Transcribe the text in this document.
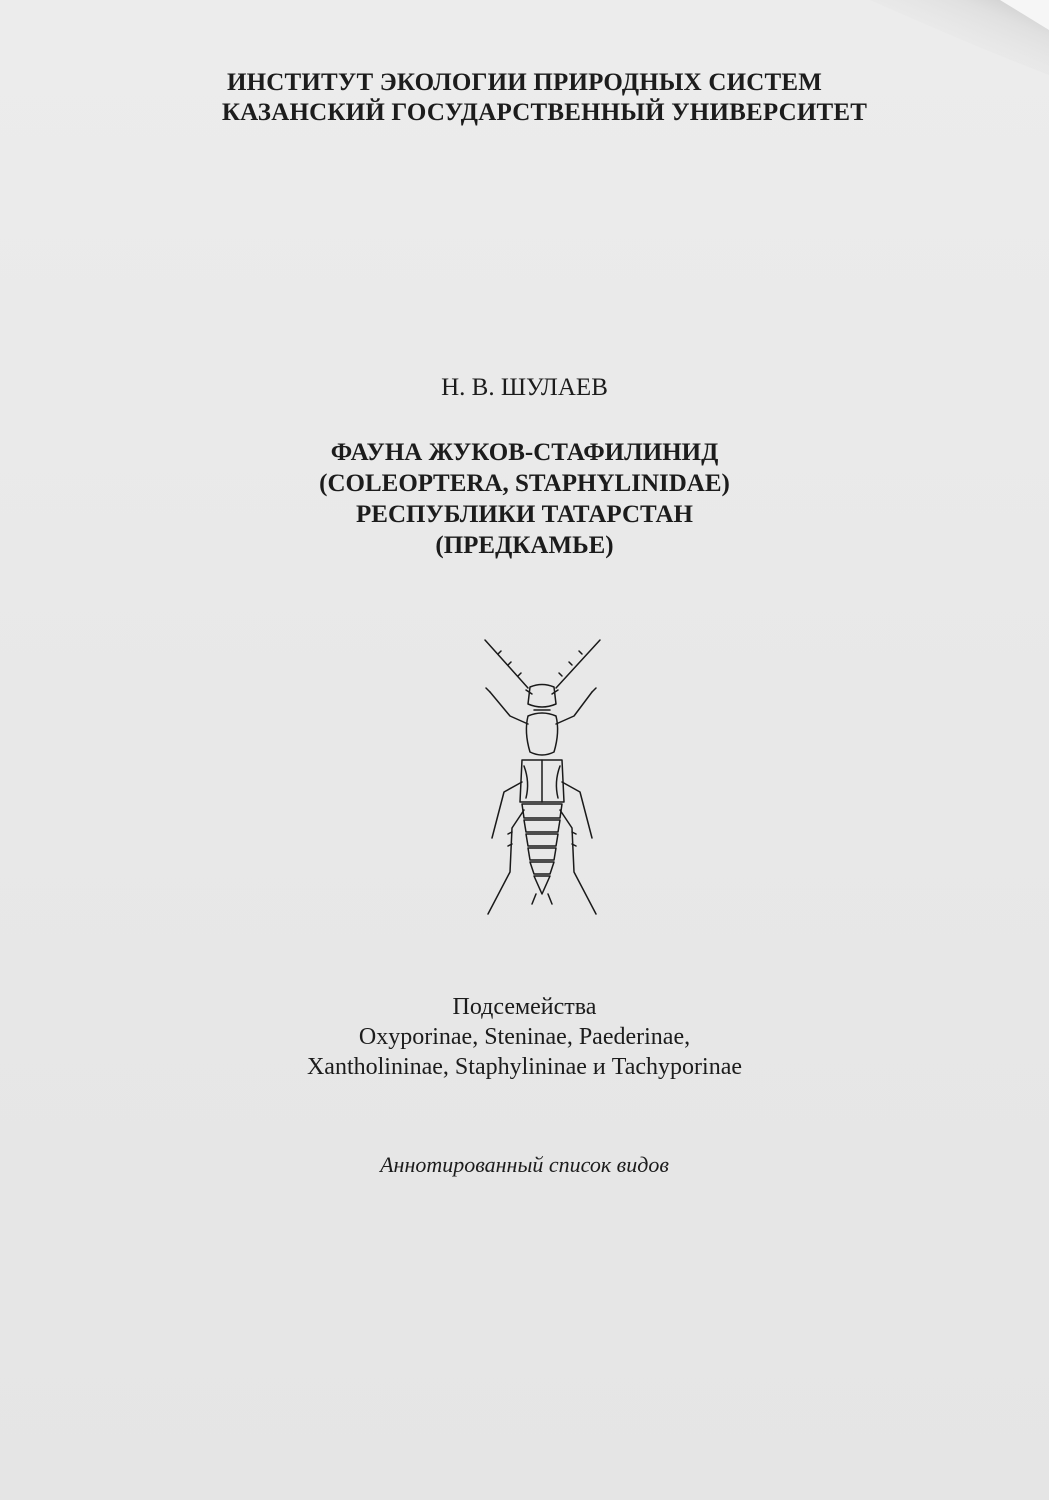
ИНСТИТУТ ЭКОЛОГИИ ПРИРОДНЫХ СИСТЕМ
КАЗАНСКИЙ ГОСУДАРСТВЕННЫЙ УНИВЕРСИТЕТ
Н. В. ШУЛАЕВ
ФАУНА ЖУКОВ-СТАФИЛИНИД
(COLEOPTERA, STAPHYLINIDAE)
РЕСПУБЛИКИ ТАТАРСТАН
(ПРЕДКАМЬЕ)
Подсемейства
Oxyporinae, Steninae, Paederinae,
Xantholininae, Staphylininae и Tachyporinae
Аннотированный список видов
